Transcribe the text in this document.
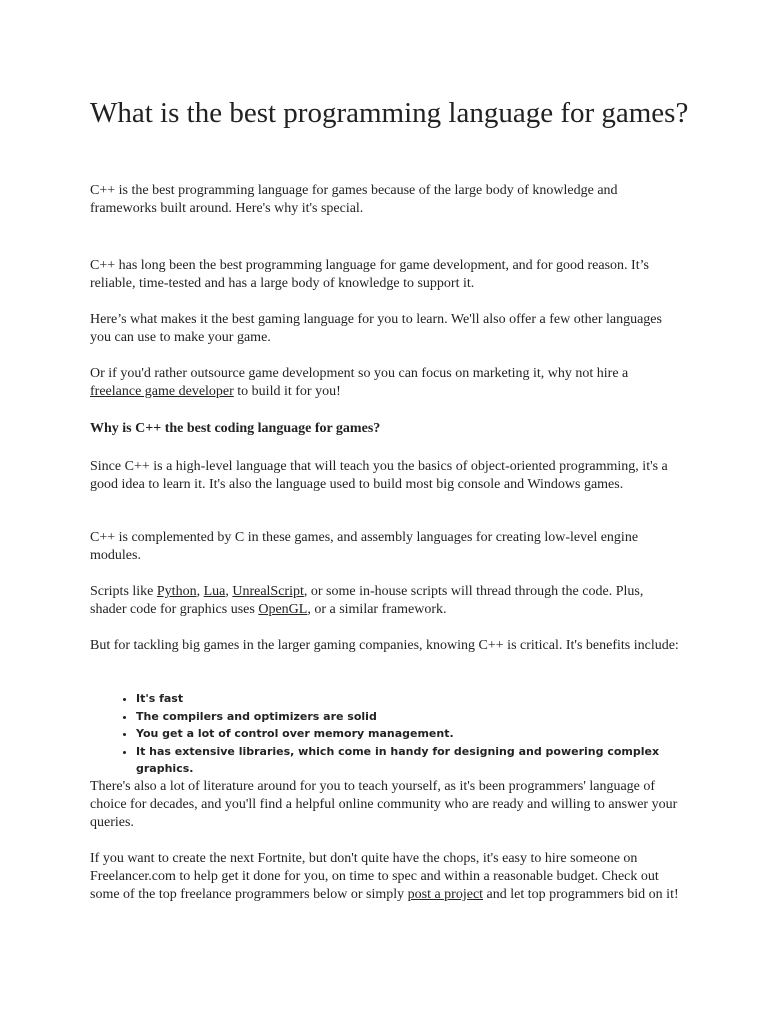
What is the best programming language for games?

C++ is the best programming language for games because of the large body of knowledge and frameworks built around. Here's why it's special.

C++ has long been the best programming language for game development, and for good reason. It’s reliable, time-tested and has a large body of knowledge to support it.

Here’s what makes it the best gaming language for you to learn. We'll also offer a few other languages you can use to make your game.

Or if you'd rather outsource game development so you can focus on marketing it, why not hire a freelance game developer to build it for you!

Why is C++ the best coding language for games?

Since C++ is a high-level language that will teach you the basics of object-oriented programming, it's a good idea to learn it. It's also the language used to build most big console and Windows games.

C++ is complemented by C in these games, and assembly languages for creating low-level engine modules.

Scripts like Python, Lua, UnrealScript, or some in-house scripts will thread through the code. Plus, shader code for graphics uses OpenGL, or a similar framework.

But for tackling big games in the larger gaming companies, knowing C++ is critical. It's benefits include:

• It's fast
• The compilers and optimizers are solid
• You get a lot of control over memory management.
• It has extensive libraries, which come in handy for designing and powering complex graphics.

There's also a lot of literature around for you to teach yourself, as it's been programmers' language of choice for decades, and you'll find a helpful online community who are ready and willing to answer your queries.

If you want to create the next Fortnite, but don't quite have the chops, it's easy to hire someone on Freelancer.com to help get it done for you, on time to spec and within a reasonable budget. Check out some of the top freelance programmers below or simply post a project and let top programmers bid on it!
